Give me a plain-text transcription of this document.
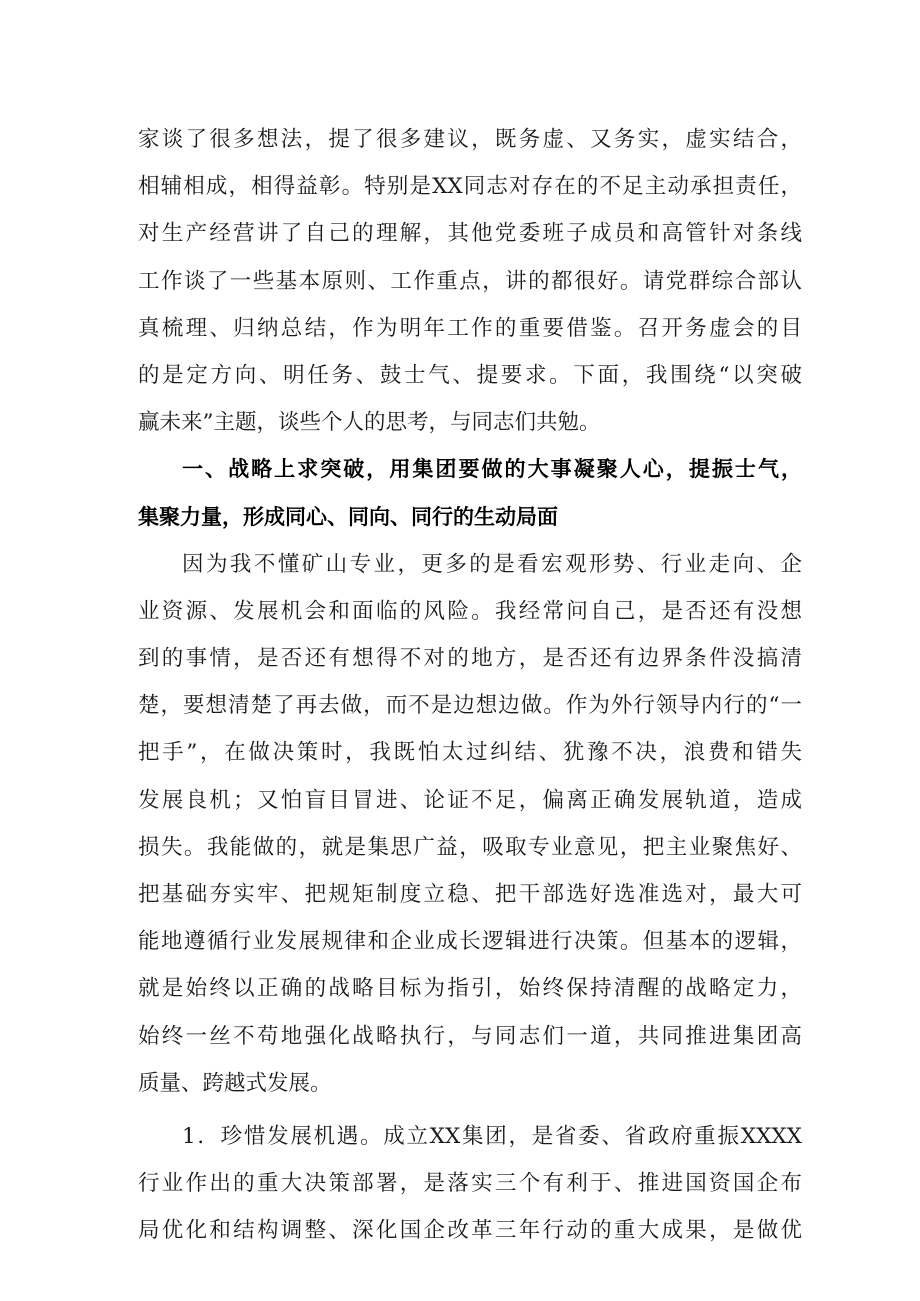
家谈了很多想法，提了很多建议，既务虚、又务实，虚实结合，
相辅相成，相得益彰。特别是XX同志对存在的不足主动承担责任，
对生产经营讲了自己的理解，其他党委班子成员和高管针对条线
工作谈了一些基本原则、工作重点，讲的都很好。请党群综合部认
真梳理、归纳总结，作为明年工作的重要借鉴。召开务虚会的目
的是定方向、明任务、鼓士气、提要求。下面，我围绕“以突破
赢未来”主题，谈些个人的思考，与同志们共勉。
一、战略上求突破，用集团要做的大事凝聚人心，提振士气，
集聚力量，形成同心、同向、同行的生动局面
因为我不懂矿山专业，更多的是看宏观形势、行业走向、企
业资源、发展机会和面临的风险。我经常问自己，是否还有没想
到的事情，是否还有想得不对的地方，是否还有边界条件没搞清
楚，要想清楚了再去做，而不是边想边做。作为外行领导内行的“一
把手”，在做决策时，我既怕太过纠结、犹豫不决，浪费和错失
发展良机；又怕盲目冒进、论证不足，偏离正确发展轨道，造成
损失。我能做的，就是集思广益，吸取专业意见，把主业聚焦好、
把基础夯实牢、把规矩制度立稳、把干部选好选准选对，最大可
能地遵循行业发展规律和企业成长逻辑进行决策。但基本的逻辑，
就是始终以正确的战略目标为指引，始终保持清醒的战略定力，
始终一丝不苟地强化战略执行，与同志们一道，共同推进集团高
质量、跨越式发展。
1．珍惜发展机遇。成立XX集团，是省委、省政府重振XXXX
行业作出的重大决策部署，是落实三个有利于、推进国资国企布
局优化和结构调整、深化国企改革三年行动的重大成果，是做优
